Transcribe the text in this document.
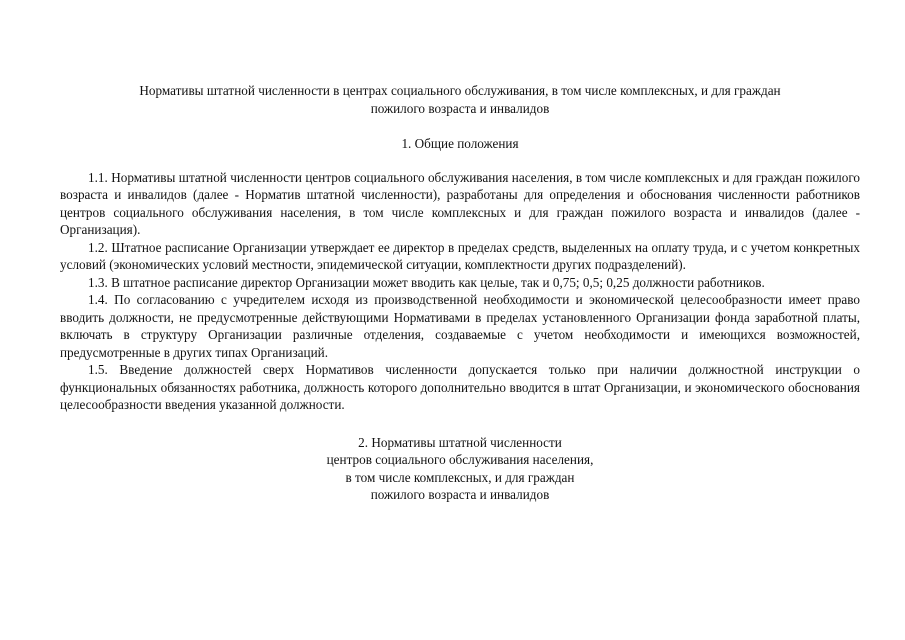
Нормативы штатной численности в центрах социального обслуживания, в том числе комплексных, и для граждан
пожилого возраста и инвалидов
1. Общие положения

1.1. Нормативы штатной численности центров социального обслуживания населения, в том числе комплексных и для граждан пожилого возраста и инвалидов (далее - Норматив штатной численности), разработаны для определения и обоснования численности работников центров социального обслуживания населения, в том числе комплексных и для граждан пожилого возраста и инвалидов (далее - Организация).

1.2. Штатное расписание Организации утверждает ее директор в пределах средств, выделенных на оплату труда, и с учетом конкретных условий (экономических условий местности, эпидемической ситуации, комплектности других подразделений).

1.3. В штатное расписание директор Организации может вводить как целые, так и 0,75; 0,5; 0,25 должности работников.

1.4. По согласованию с учредителем исходя из производственной необходимости и экономической целесообразности имеет право вводить должности, не предусмотренные действующими Нормативами в пределах установленного Организации фонда заработной платы, включать в структуру Организации различные отделения, создаваемые с учетом необходимости и имеющихся возможностей, предусмотренные в других типах Организаций.

1.5. Введение должностей сверх Нормативов численности допускается только при наличии должностной инструкции о функциональных обязанностях работника, должность которого дополнительно вводится в штат Организации, и экономического обоснования целесообразности введения указанной должности.

2. Нормативы штатной численности
центров социального обслуживания населения,
в том числе комплексных, и для граждан
пожилого возраста и инвалидов
